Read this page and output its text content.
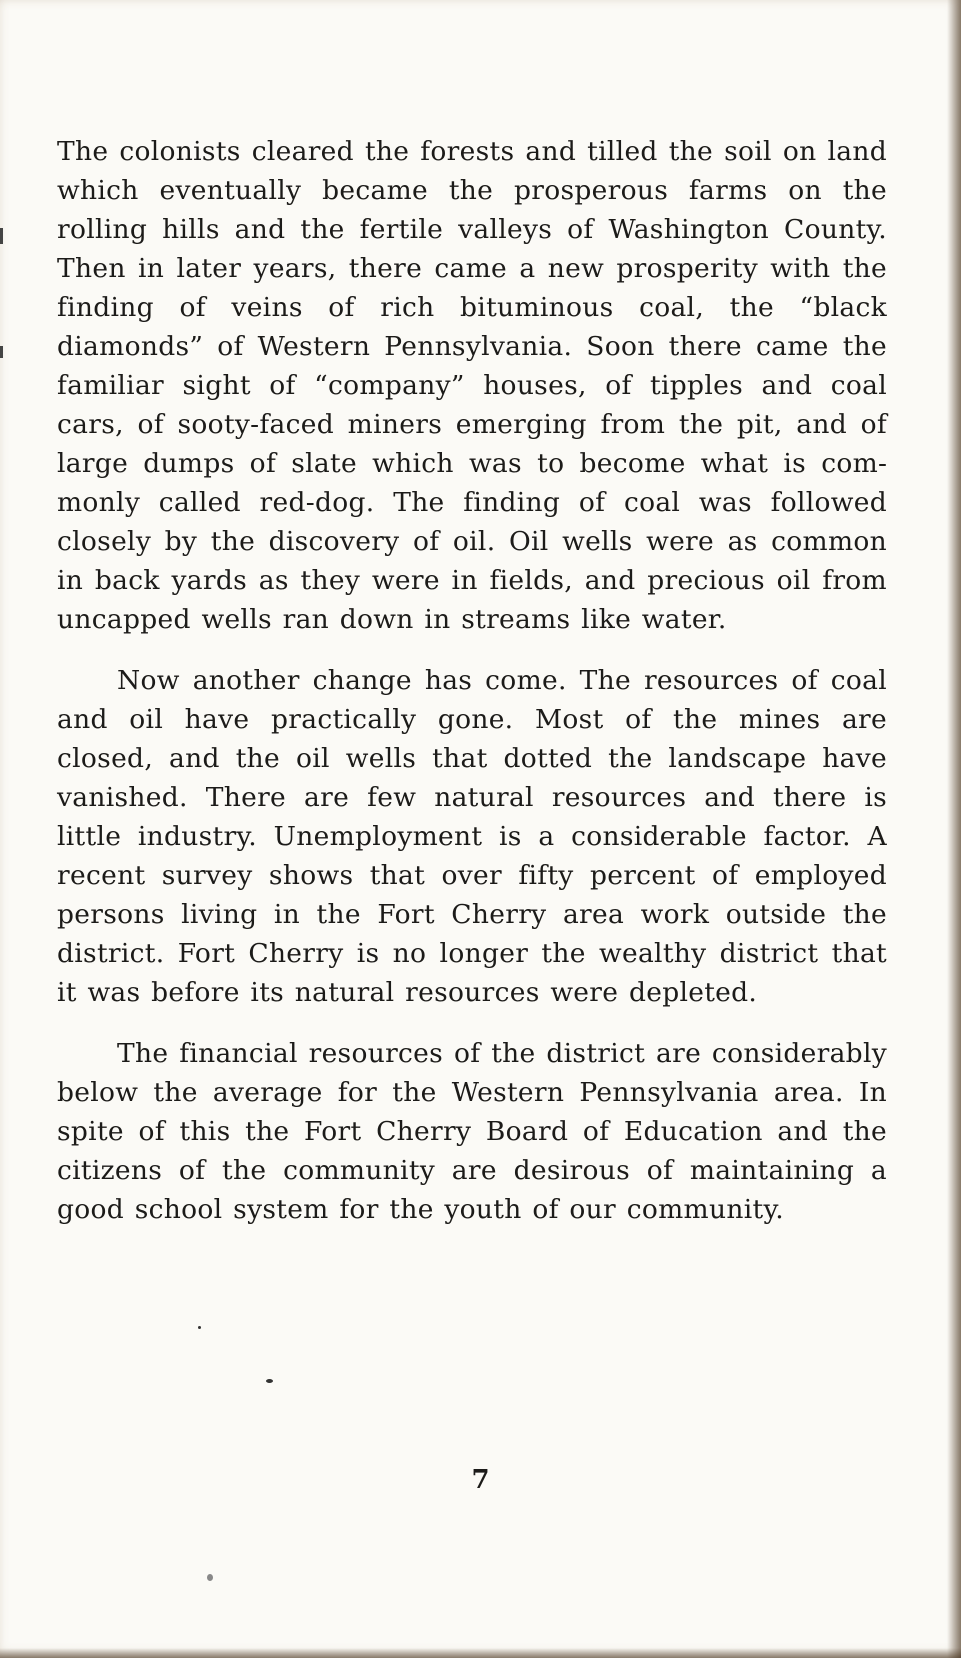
The colonists cleared the forests and tilled the soil on land which eventually became the prosperous farms on the rolling hills and the fertile valleys of Washington County. Then in later years, there came a new prosperity with the finding of veins of rich bituminous coal, the “black diamonds” of Western Pennsylvania. Soon there came the familiar sight of “company” houses, of tipples and coal cars, of sooty-faced miners emerging from the pit, and of large dumps of slate which was to become what is commonly called red-dog. The finding of coal was followed closely by the discovery of oil. Oil wells were as common in back yards as they were in fields, and precious oil from uncapped wells ran down in streams like water.

Now another change has come. The resources of coal and oil have practically gone. Most of the mines are closed, and the oil wells that dotted the landscape have vanished. There are few natural resources and there is little industry. Unemployment is a considerable factor. A recent survey shows that over fifty percent of employed persons living in the Fort Cherry area work outside the district. Fort Cherry is no longer the wealthy district that it was before its natural resources were depleted.

The financial resources of the district are considerably below the average for the Western Pennsylvania area. In spite of this the Fort Cherry Board of Education and the citizens of the community are desirous of maintaining a good school system for the youth of our community.

7
